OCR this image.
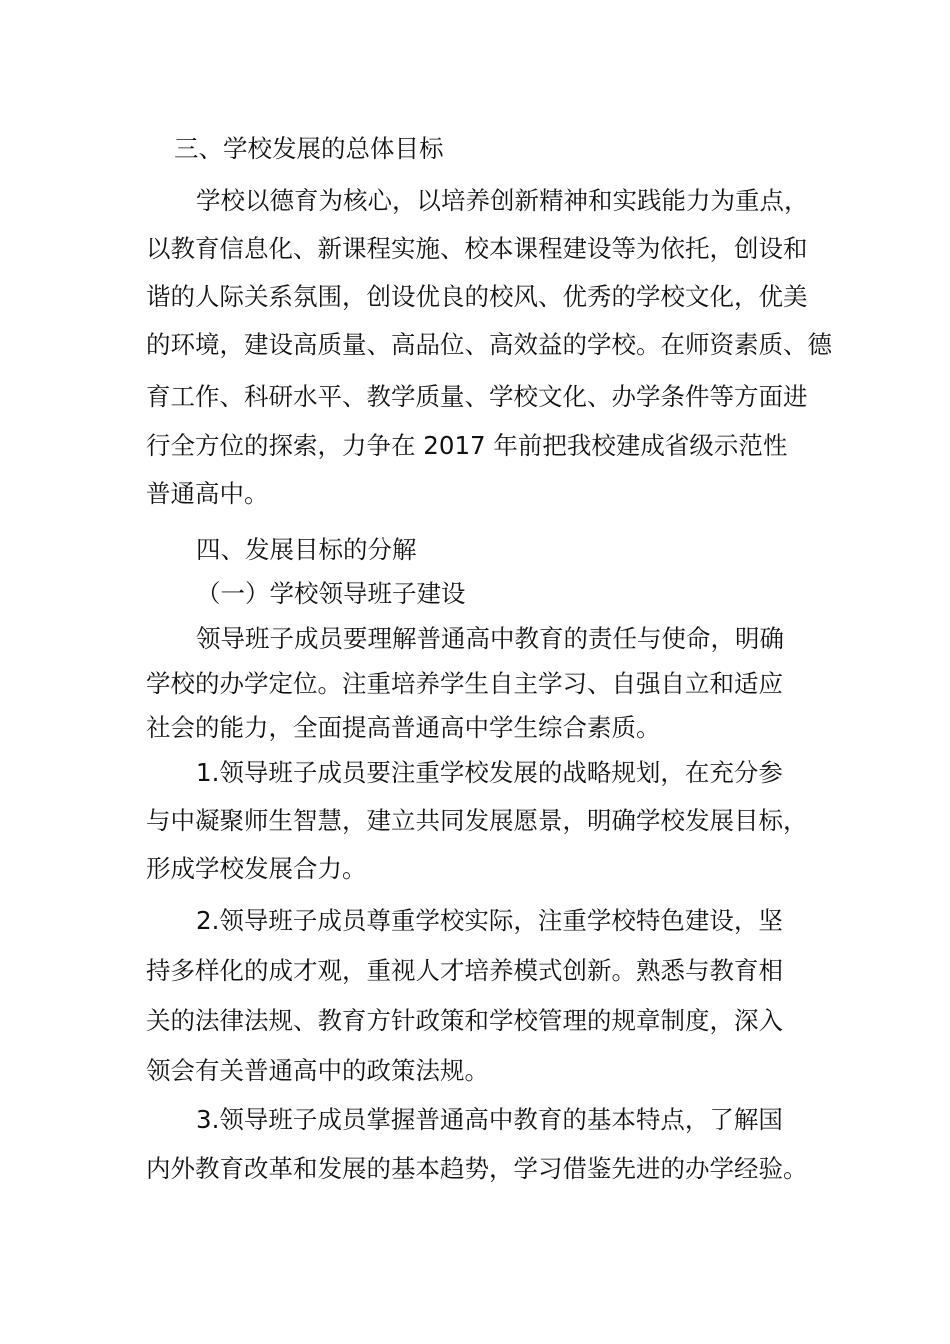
三、学校发展的总体目标
学校以德育为核心，以培养创新精神和实践能力为重点，
以教育信息化、新课程实施、校本课程建设等为依托，创设和
谐的人际关系氛围，创设优良的校风、优秀的学校文化，优美
的环境，建设高质量、高品位、高效益的学校。在师资素质、德
育工作、科研水平、教学质量、学校文化、办学条件等方面进
行全方位的探索，力争在 2017 年前把我校建成省级示范性
普通高中。
四、发展目标的分解
（一）学校领导班子建设
领导班子成员要理解普通高中教育的责任与使命，明确
学校的办学定位。注重培养学生自主学习、自强自立和适应
社会的能力，全面提高普通高中学生综合素质。
1.领导班子成员要注重学校发展的战略规划，在充分参
与中凝聚师生智慧，建立共同发展愿景，明确学校发展目标，
形成学校发展合力。
2.领导班子成员尊重学校实际，注重学校特色建设，坚
持多样化的成才观，重视人才培养模式创新。熟悉与教育相
关的法律法规、教育方针政策和学校管理的规章制度，深入
领会有关普通高中的政策法规。
3.领导班子成员掌握普通高中教育的基本特点，了解国
内外教育改革和发展的基本趋势，学习借鉴先进的办学经验。
